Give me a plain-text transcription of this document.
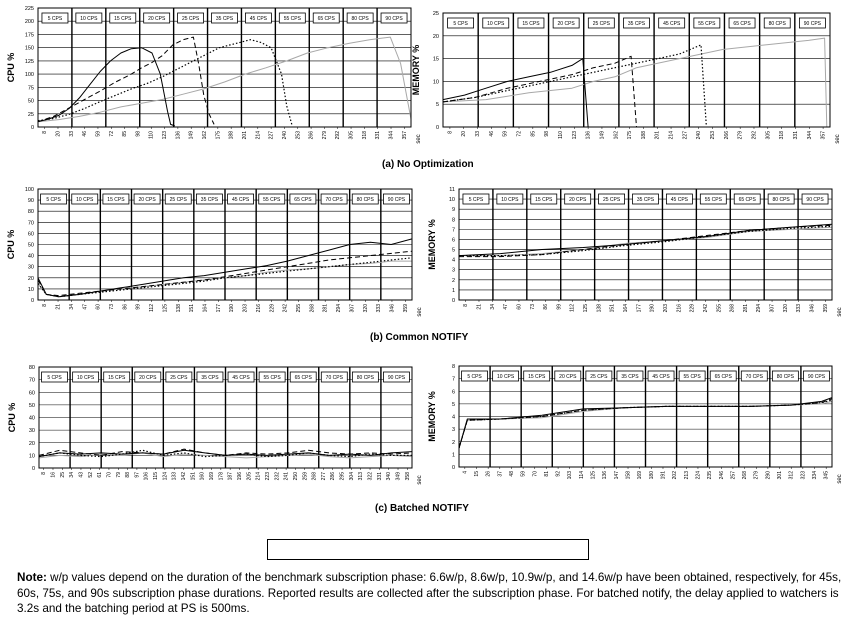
0
25
50
75
100
125
150
175
200
225
5 CPS	10 CPS	15 CPS	20 CPS	25 CPS	35 CPS	45 CPS	55 CPS	65 CPS	80 CPS	90 CPS
8 20 33 46 59 72 85 98 110 123 136 149 162 175 188 201 214 227 240 253 266 279 292 305 318 331 344 357 sec
CPU %
0
5
10
15
20
25
5 CPS	10 CPS	15 CPS	20 CPS	25 CPS	35 CPS	45 CPS	55 CPS	65 CPS	80 CPS	90 CPS
8 20 33 46 59 72 85 98 110 123 136 149 162 175 188 201 214 227 240 253 266 279 292 305 318 331 344 357 sec
MEMORY %
0
10
20
30
40
50
60
70
80
90
100
5 CPS	10 CPS	15 CPS	20 CPS	25 CPS	35 CPS	45 CPS	55 CPS	65 CPS	70 CPS	80 CPS	90 CPS
8 21 34 47 60 73 86 99 112 125 138 151 164 177 190 203 216 229 242 255 268 281 294 307 320 333 346 359 sec
CPU %
0
1
2
3
4
5
6
7
8
9
10
11
5 CPS	10 CPS	15 CPS	20 CPS	25 CPS	35 CPS	45 CPS	55 CPS	65 CPS	80 CPS	90 CPS
8 21 34 47 60 73 86 99 112 125 138 151 164 177 190 203 216 229 242 255 268 281 294 307 320 333 346 359 sec
MEMORY %
0
10
20
30
40
50
60
70
80
5 CPS	10 CPS	15 CPS	20 CPS	25 CPS	35 CPS	45 CPS	55 CPS	65 CPS	70 CPS	80 CPS	90 CPS
8 16 25 34 43 52 61 70 79 88 97 106 115 124 133 142 151 160 169 178 187 196 205 214 223 232 241 250 259 268 277 286 295 304 313 322 331 340 349 358 sec
CPU %
0
1
2
3
4
5
6
7
8
5 CPS	10 CPS	15 CPS	20 CPS	25 CPS	35 CPS	45 CPS	55 CPS	65 CPS	70 CPS	80 CPS	90 CPS
4 15 26 37 48 59 70 81 92 103 114 125 136 147 158 169 180 191 202 213 224 235 246 257 268 279 290 301 312 323 334 345 sec
MEMORY %
(a) No Optimization
(b) Common NOTIFY
(c) Batched NOTIFY
Note: w/p values depend on the duration of the benchmark subscription phase: 6.6w/p, 8.6w/p, 10.9w/p, and 14.6w/p have been obtained, respectively, for 45s, 60s, 75s, and 90s subscription phase durations. Reported results are collected after the subscription phase. For batched notify, the delay applied to watchers is 3.2s and the batching period at PS is 500ms.
